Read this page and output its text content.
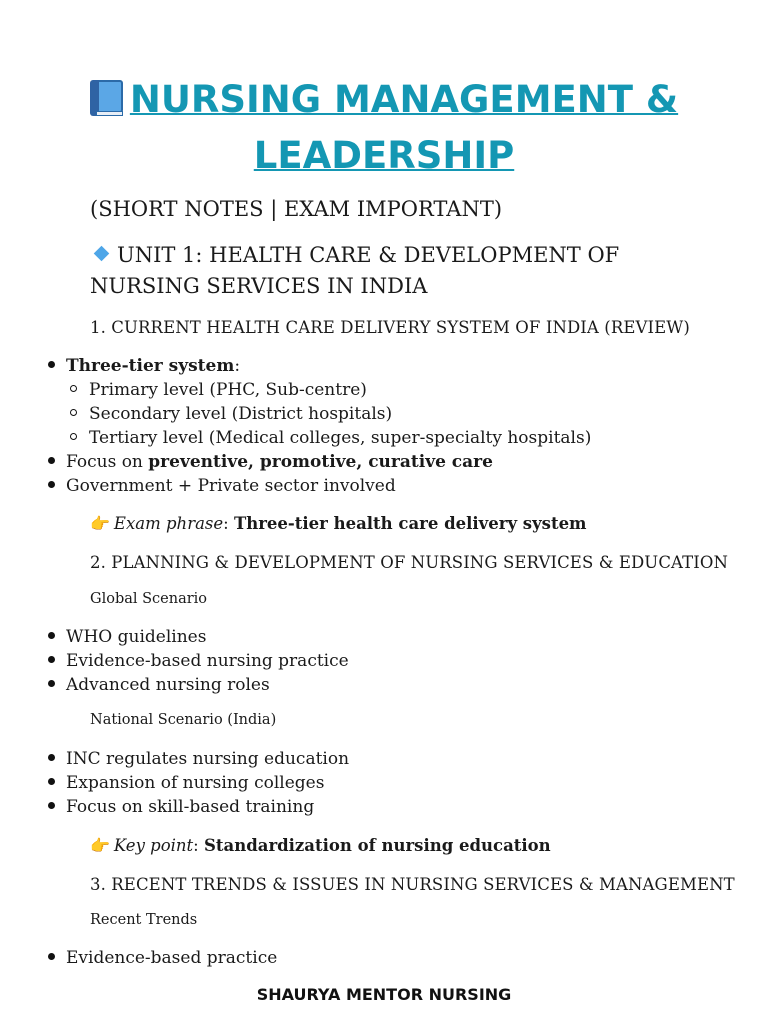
NURSING MANAGEMENT &
LEADERSHIP
(SHORT NOTES | EXAM IMPORTANT)
UNIT 1: HEALTH CARE & DEVELOPMENT OF NURSING SERVICES IN INDIA
1. CURRENT HEALTH CARE DELIVERY SYSTEM OF INDIA (REVIEW)
Three-tier system:
Primary level (PHC, Sub-centre)
Secondary level (District hospitals)
Tertiary level (Medical colleges, super-specialty hospitals)
Focus on preventive, promotive, curative care
Government + Private sector involved
👉 Exam phrase: Three-tier health care delivery system
2. PLANNING & DEVELOPMENT OF NURSING SERVICES & EDUCATION
Global Scenario
WHO guidelines
Evidence-based nursing practice
Advanced nursing roles
National Scenario (India)
INC regulates nursing education
Expansion of nursing colleges
Focus on skill-based training
👉 Key point: Standardization of nursing education
3. RECENT TRENDS & ISSUES IN NURSING SERVICES & MANAGEMENT
Recent Trends
Evidence-based practice
SHAURYA MENTOR NURSING
